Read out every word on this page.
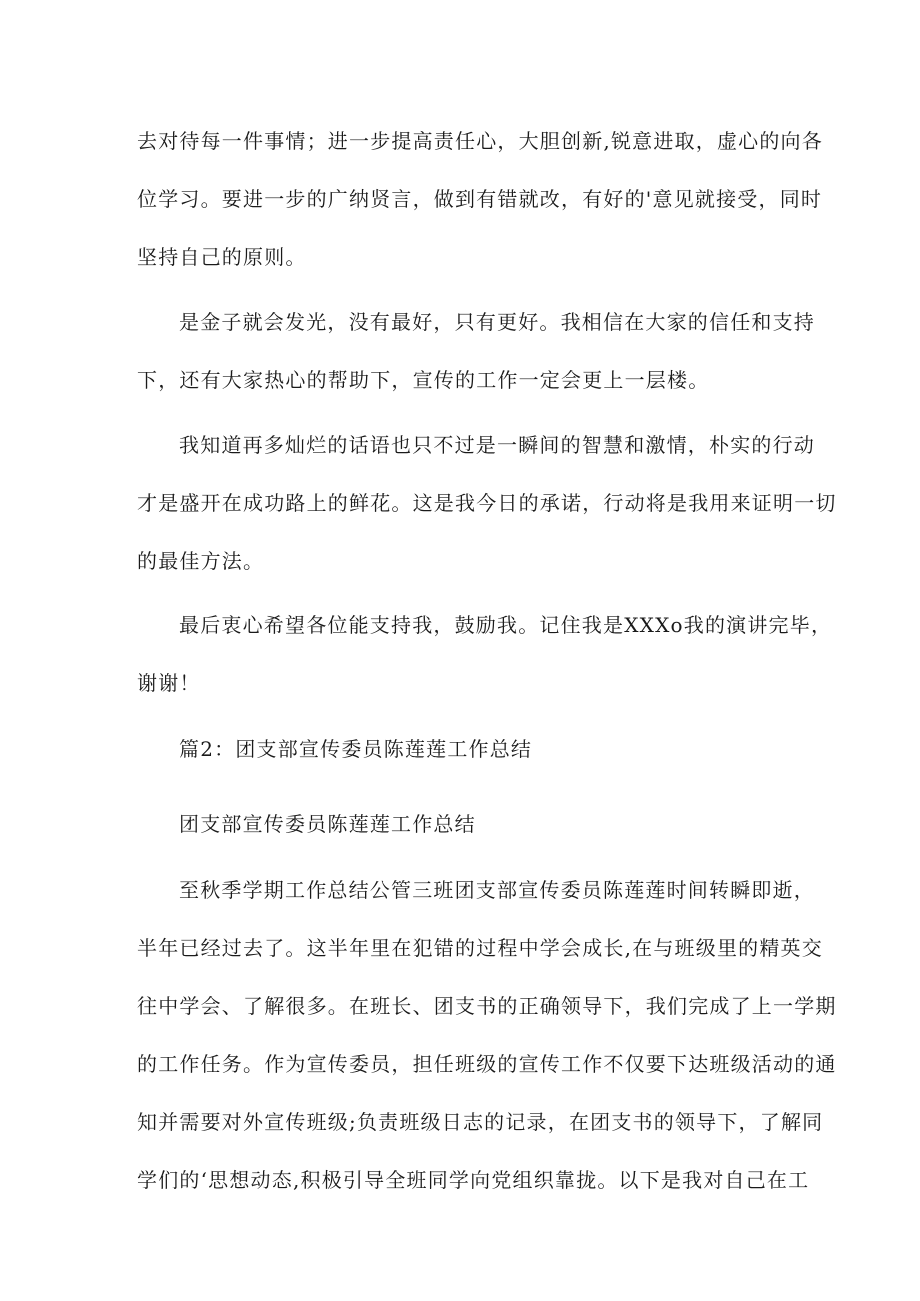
去对待每一件事情；进一步提高责任心，大胆创新,锐意进取，虚心的向各
位学习。要进一步的广纳贤言，做到有错就改，有好的'意见就接受，同时
坚持自己的原则。
是金子就会发光，没有最好，只有更好。我相信在大家的信任和支持
下，还有大家热心的帮助下，宣传的工作一定会更上一层楼。
我知道再多灿烂的话语也只不过是一瞬间的智慧和激情，朴实的行动
才是盛开在成功路上的鲜花。这是我今日的承诺，行动将是我用来证明一切
的最佳方法。
最后衷心希望各位能支持我，鼓励我。记住我是XXXo我的演讲完毕，
谢谢！
篇2：团支部宣传委员陈莲莲工作总结
团支部宣传委员陈莲莲工作总结
至秋季学期工作总结公管三班团支部宣传委员陈莲莲时间转瞬即逝，
半年已经过去了。这半年里在犯错的过程中学会成长,在与班级里的精英交
往中学会、了解很多。在班长、团支书的正确领导下，我们完成了上一学期
的工作任务。作为宣传委员，担任班级的宣传工作不仅要下达班级活动的通
知并需要对外宣传班级;负责班级日志的记录，在团支书的领导下，了解同
学们的‘思想动态,积极引导全班同学向党组织靠拢。以下是我对自己在工
